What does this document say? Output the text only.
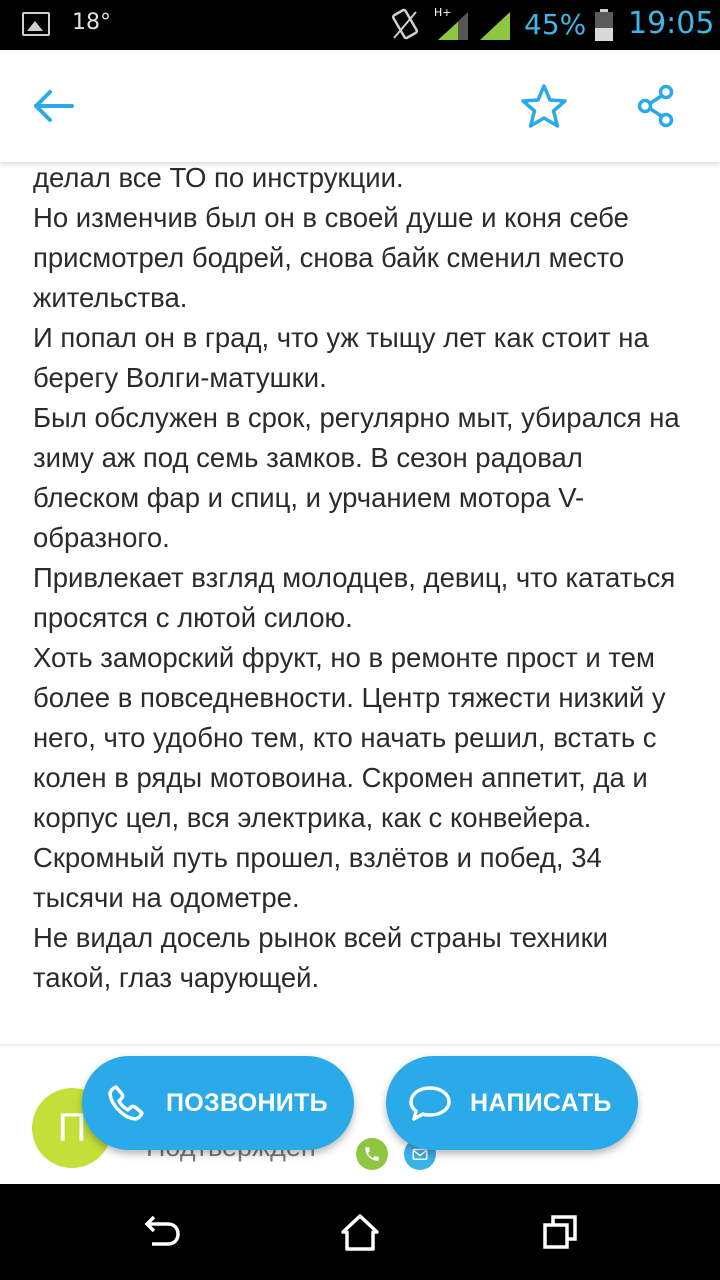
18°	H+	45% 19:05

делал все ТО по инструкции.

Но изменчив был он в своей душе и коня себе присмотрел бодрей, снова байк сменил место жительства.

И попал он в град, что уж тыщу лет как стоит на берегу Волги-матушки.

Был обслужен в срок, регулярно мыт, убирался на зиму аж под семь замков. В сезон радовал блеском фар и спиц, и урчанием мотора V-образного.

Привлекает взгляд молодцев, девиц, что кататься просятся с лютой силою.

Хоть заморский фрукт, но в ремонте прост и тем более в повседневности. Центр тяжести низкий у него, что удобно тем, кто начать решил, встать с колен в ряды мотовоина. Скромен аппетит, да и корпус цел, вся электрика, как с конвейера.

Скромный путь прошел, взлётов и побед, 34 тысячи на одометре.

Не видал досель рынок всей страны техники такой, глаз чарующей.

П
ПОЗВОНИТЬ	НАПИСАТЬ
